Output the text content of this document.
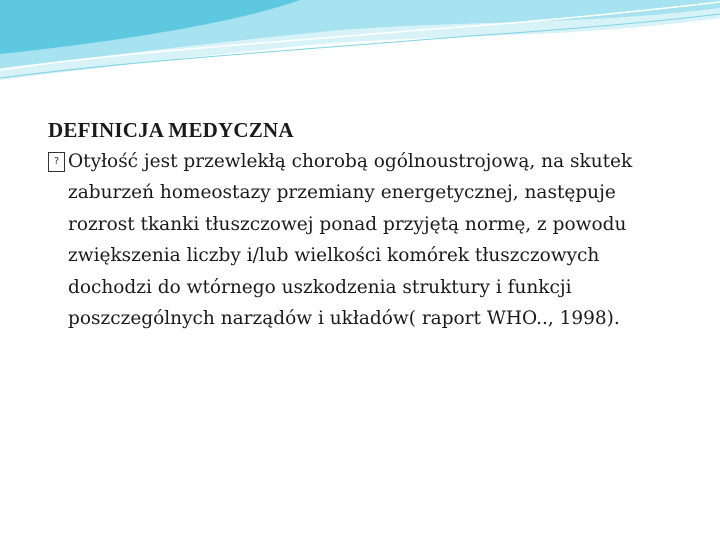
DEFINICJA MEDYCZNA

? Otyłość jest przewlekłą chorobą ogólnoustrojową, na skutek zaburzeń homeostazy przemiany energetycznej, następuje rozrost tkanki tłuszczowej ponad przyjętą normę, z powodu zwiększenia liczby i/lub wielkości komórek tłuszczowych dochodzi do wtórnego uszkodzenia struktury i funkcji poszczególnych narządów i układów( raport WHO.., 1998).
